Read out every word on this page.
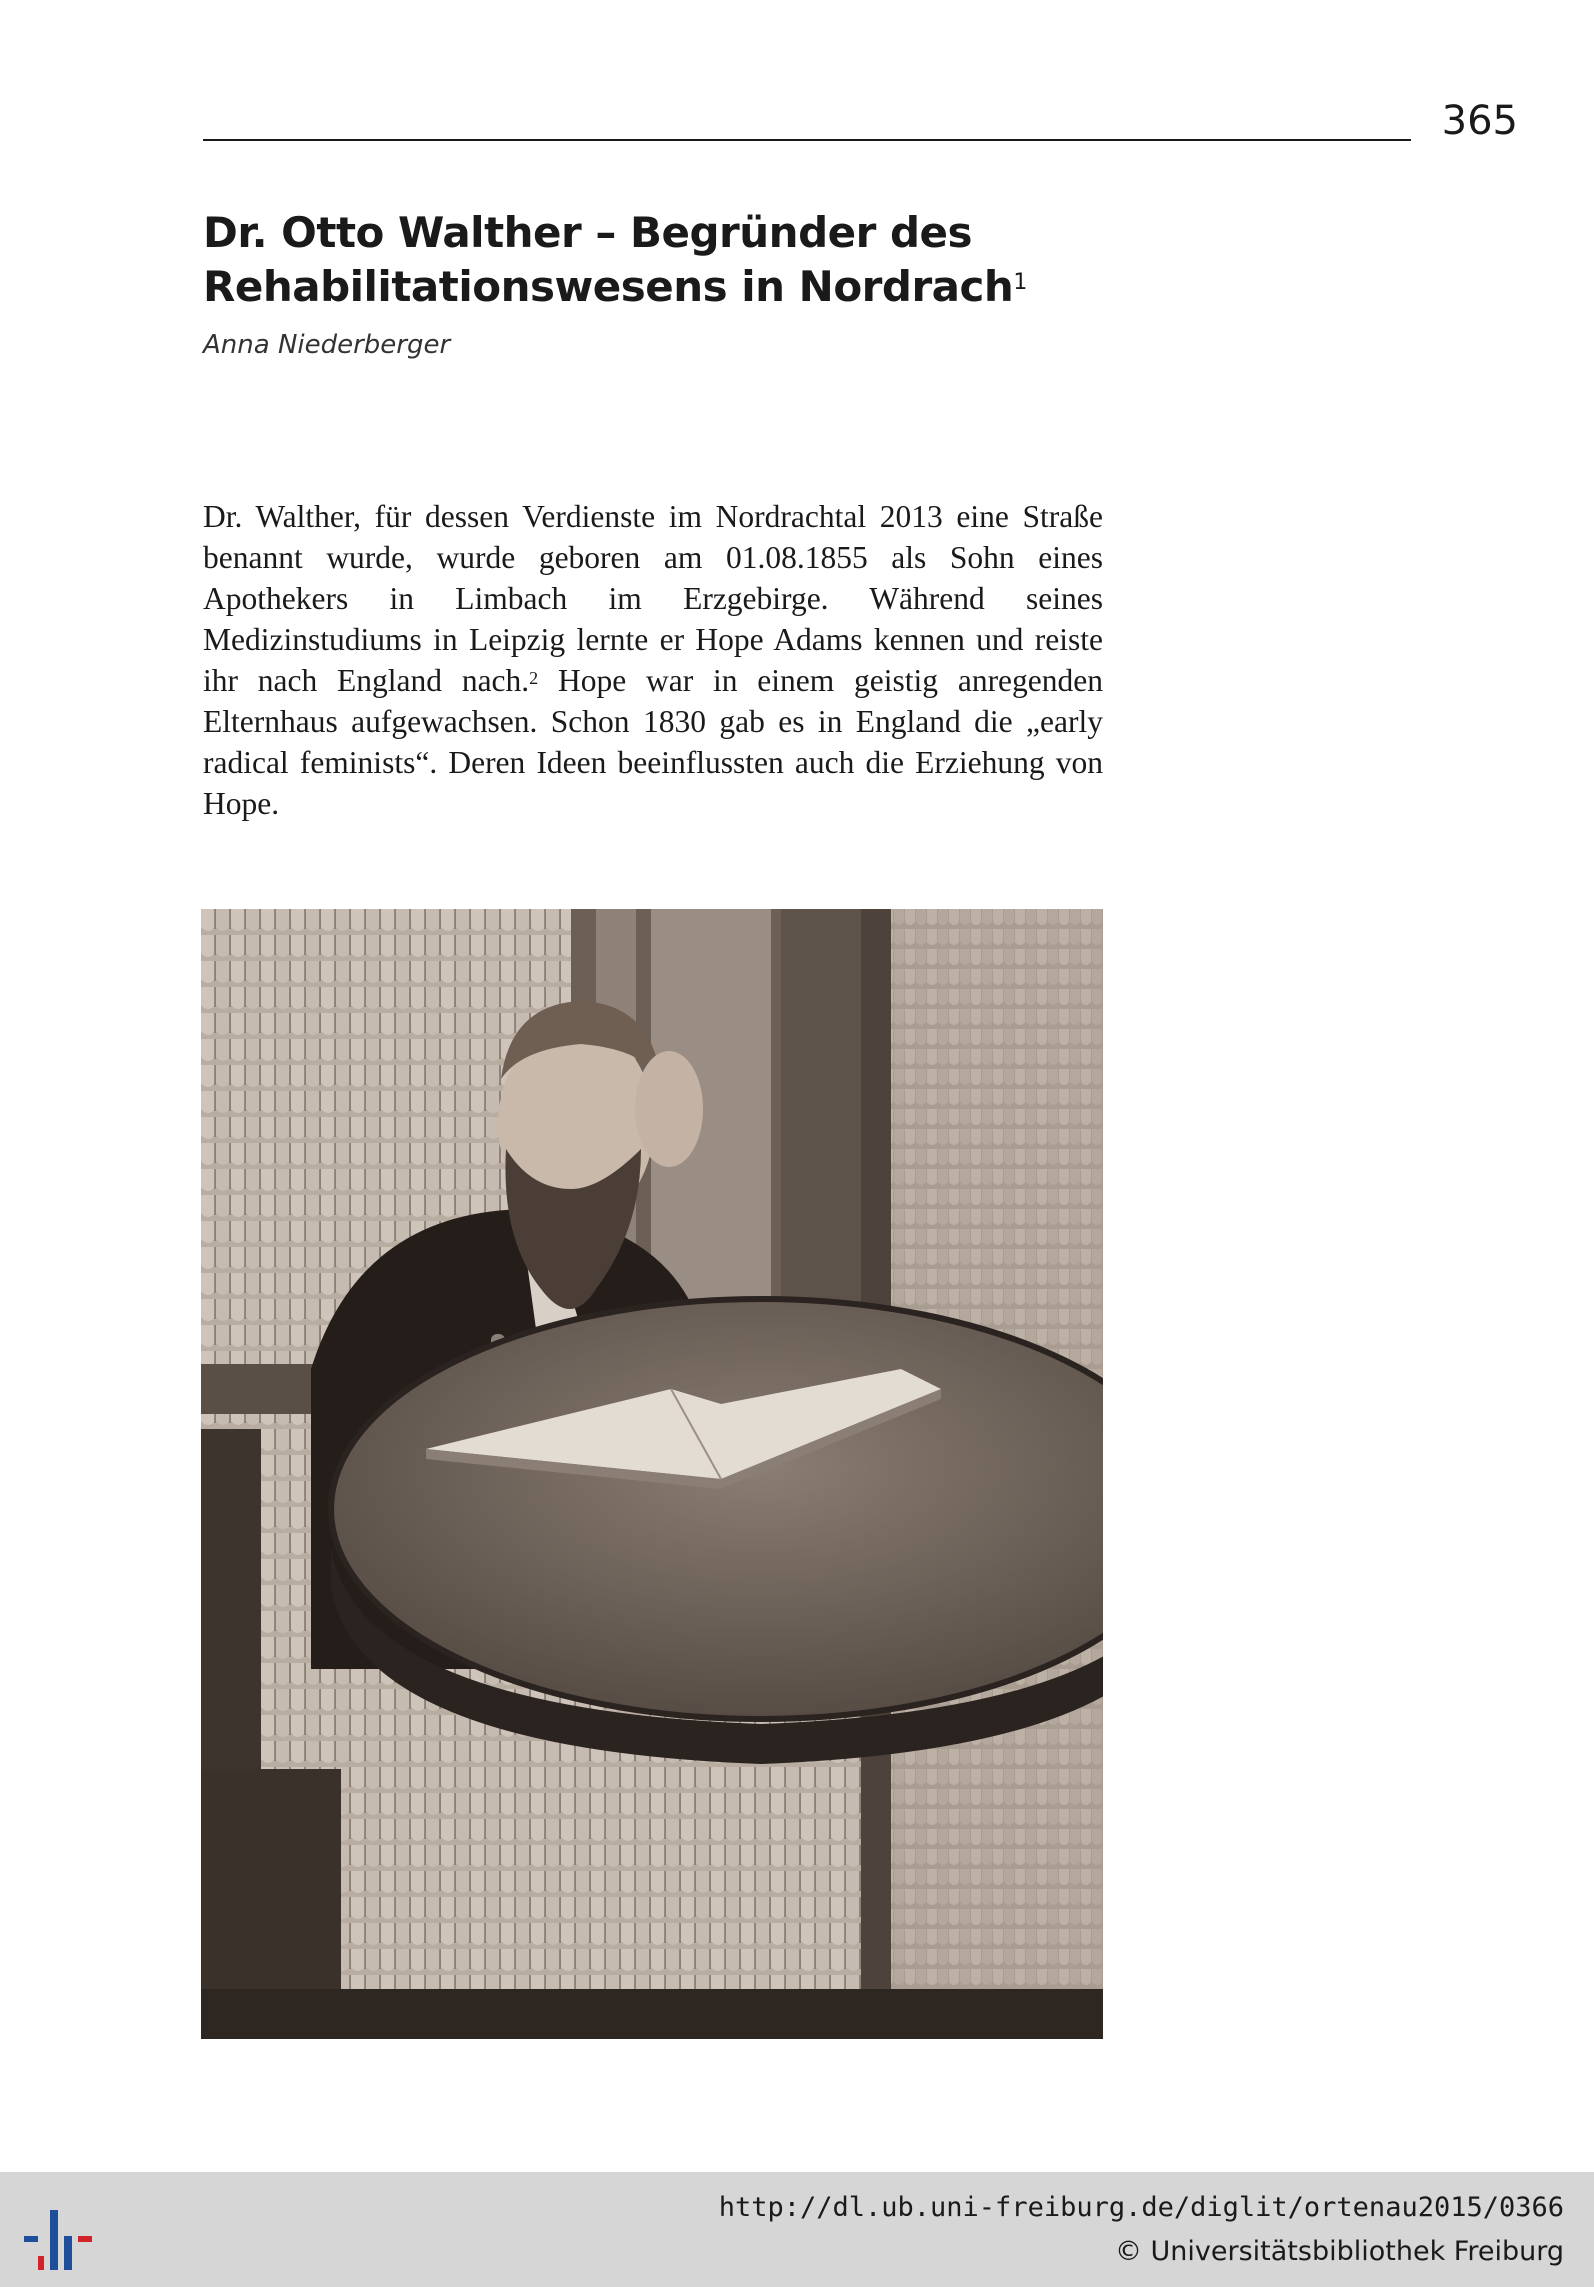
365
Dr. Otto Walther – Begründer des
Rehabilitationswesens in Nordrach$^1$
Anna Niederberger
Dr. Walther, für dessen Verdienste im Nordrachtal 2013 eine Straße benannt wurde, wurde geboren am 01.08.1855 als Sohn eines Apothekers in Limbach im Erzgebirge. Während seines Medizinstudiums in Leipzig lernte er Hope Adams kennen und reiste ihr nach England nach.$^2$ Hope war in einem geistig anregenden Elternhaus aufgewachsen. Schon 1830 gab es in England die „early radical feminists“. Deren Ideen beeinflussten auch die Erziehung von Hope.
http://dl.ub.uni-freiburg.de/diglit/ortenau2015/0366
© Universitätsbibliothek Freiburg
